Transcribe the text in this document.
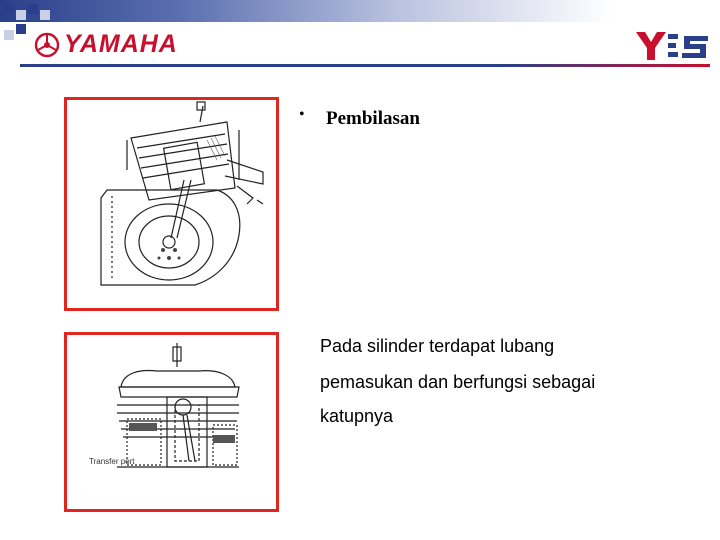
YAMAHA
Transfer port
• Pembilasan
Pada silinder terdapat lubang
pemasukan dan berfungsi sebagai
katupnya
